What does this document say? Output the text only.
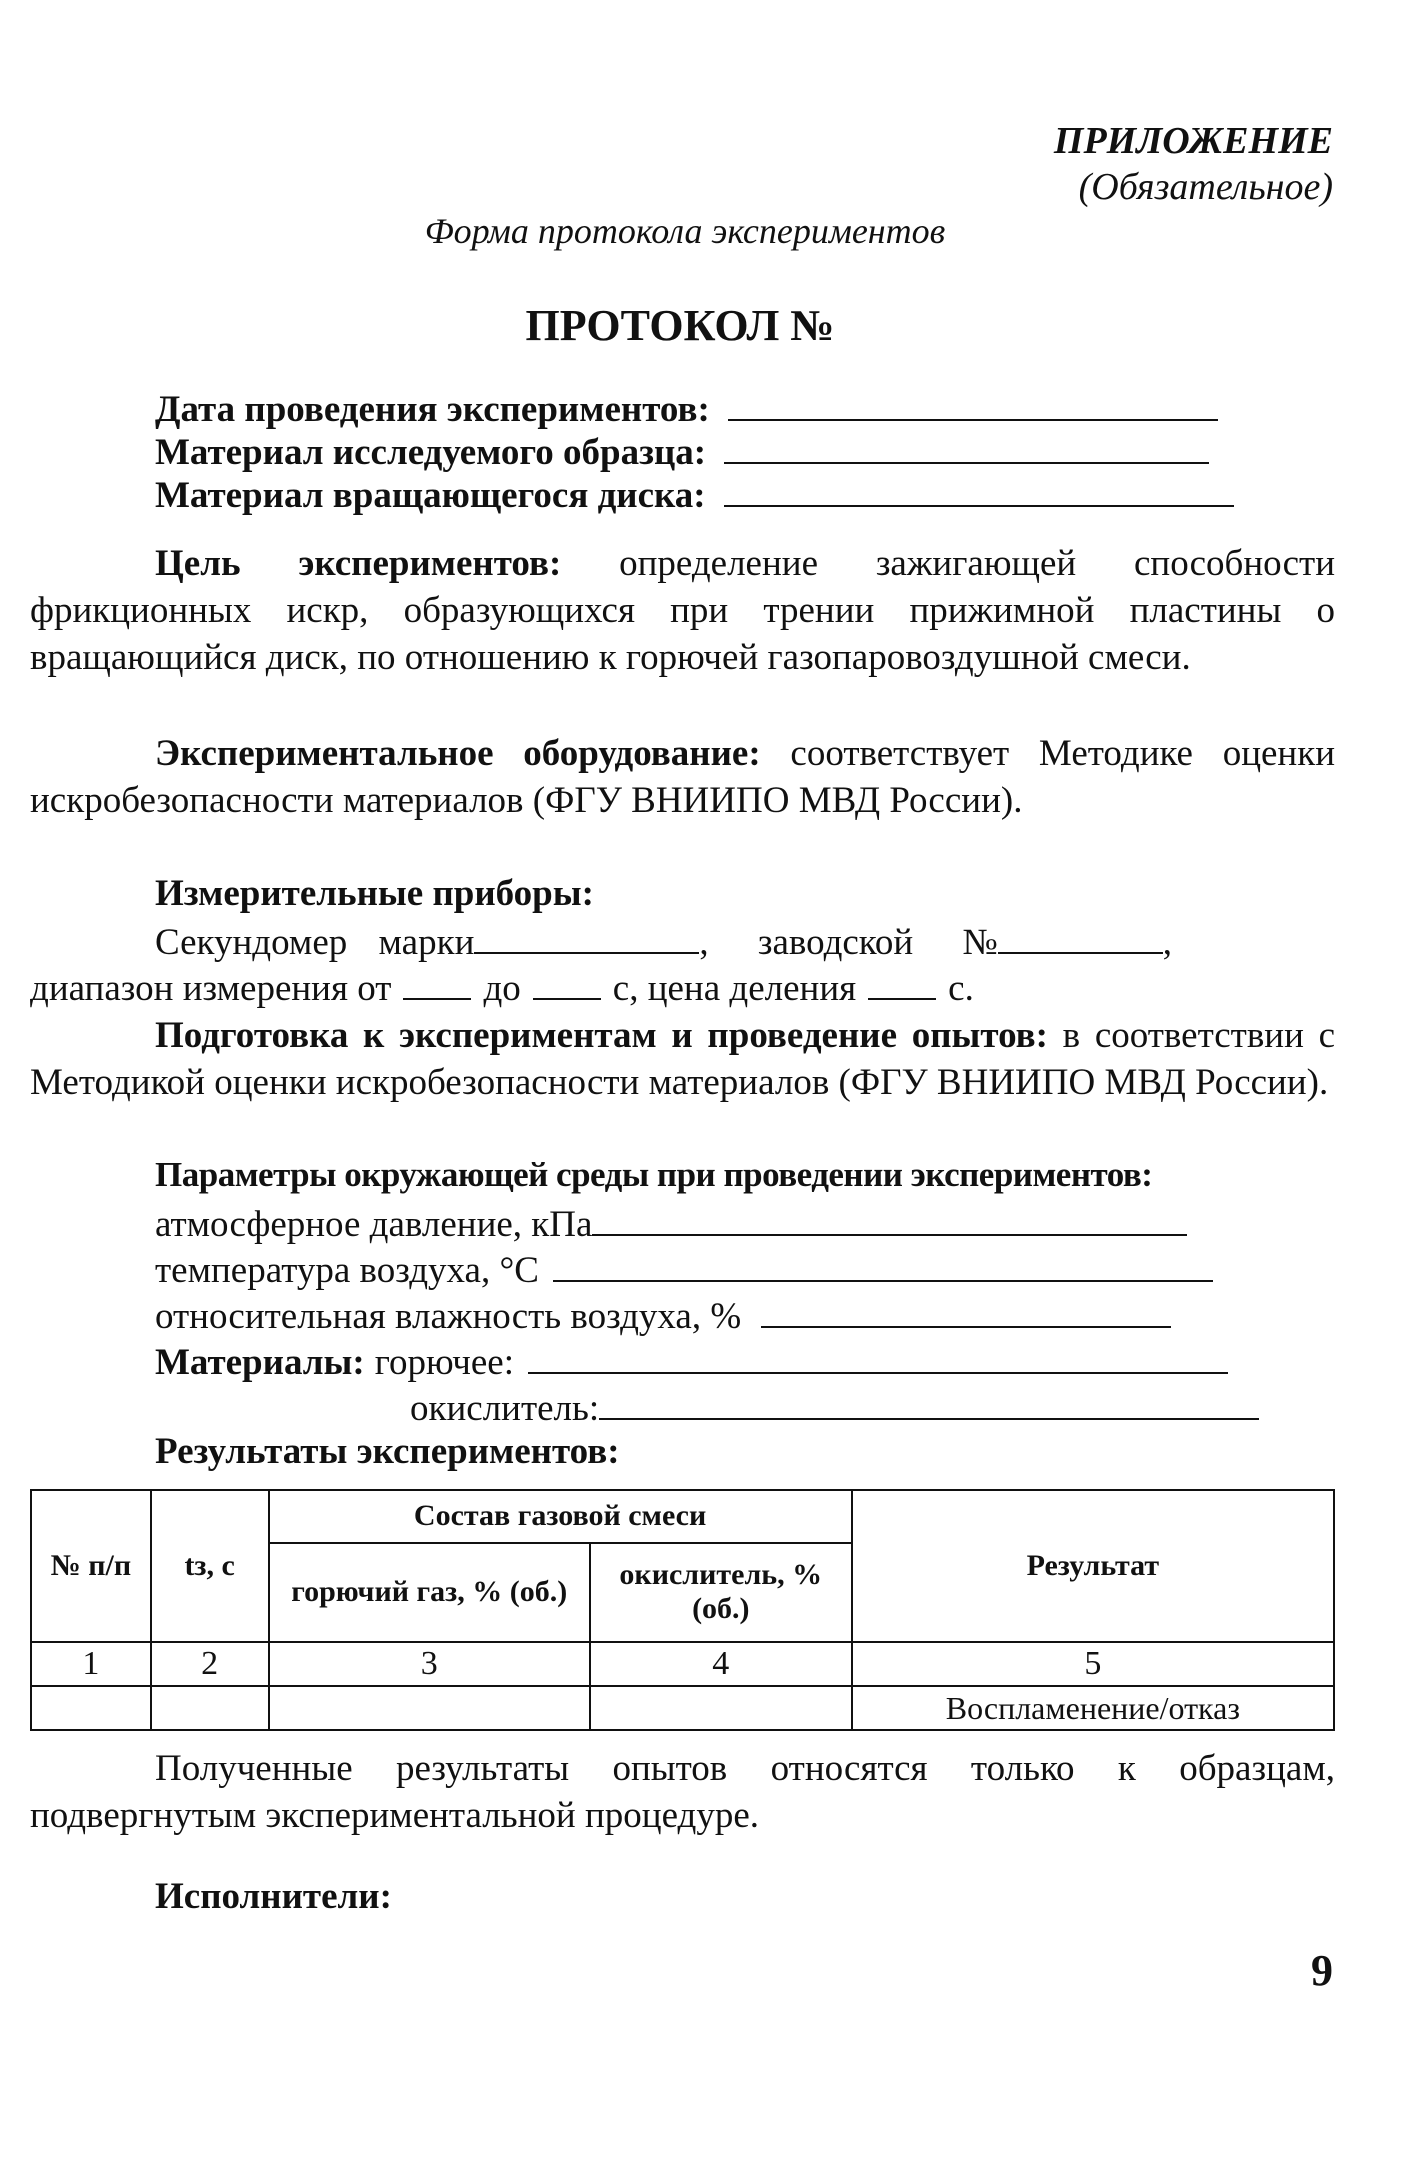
ПРИЛОЖЕНИЕ
(Обязательное)
Форма протокола экспериментов
ПРОТОКОЛ №
Дата проведения экспериментов:
Материал исследуемого образца:
Материал вращающегося диска:
Цель экспериментов: определение зажигающей способности фрикционных искр, образующихся при трении прижимной пластины о вращающийся диск, по отношению к горючей газопаровоздушной смеси.
Экспериментальное оборудование: соответствует Методике оценки искробезопасности материалов (ФГУ ВНИИПО МВД России).
Измерительные приборы:
Секундомер марки	, заводской №	,
диапазон измерения от до с, цена деления с.
Подготовка к экспериментам и проведение опытов: в соответствии с Методикой оценки искробезопасности материалов (ФГУ ВНИИПО МВД России).
Параметры окружающей среды при проведении экспериментов:
атмосферное давление, кПа
температура воздуха, °С
относительная влажность воздуха, %
Материалы: горючее:
окислитель:
Результаты экспериментов:
№ п/п	tз, с	Состав газовой смеси		Результат
		горючий газ, % (об.)	окислитель, % (об.)	
1	2	3	4	5
				Воспламенение/отказ
Полученные результаты опытов относятся только к образцам, подвергнутым экспериментальной процедуре.
Исполнители:
9
